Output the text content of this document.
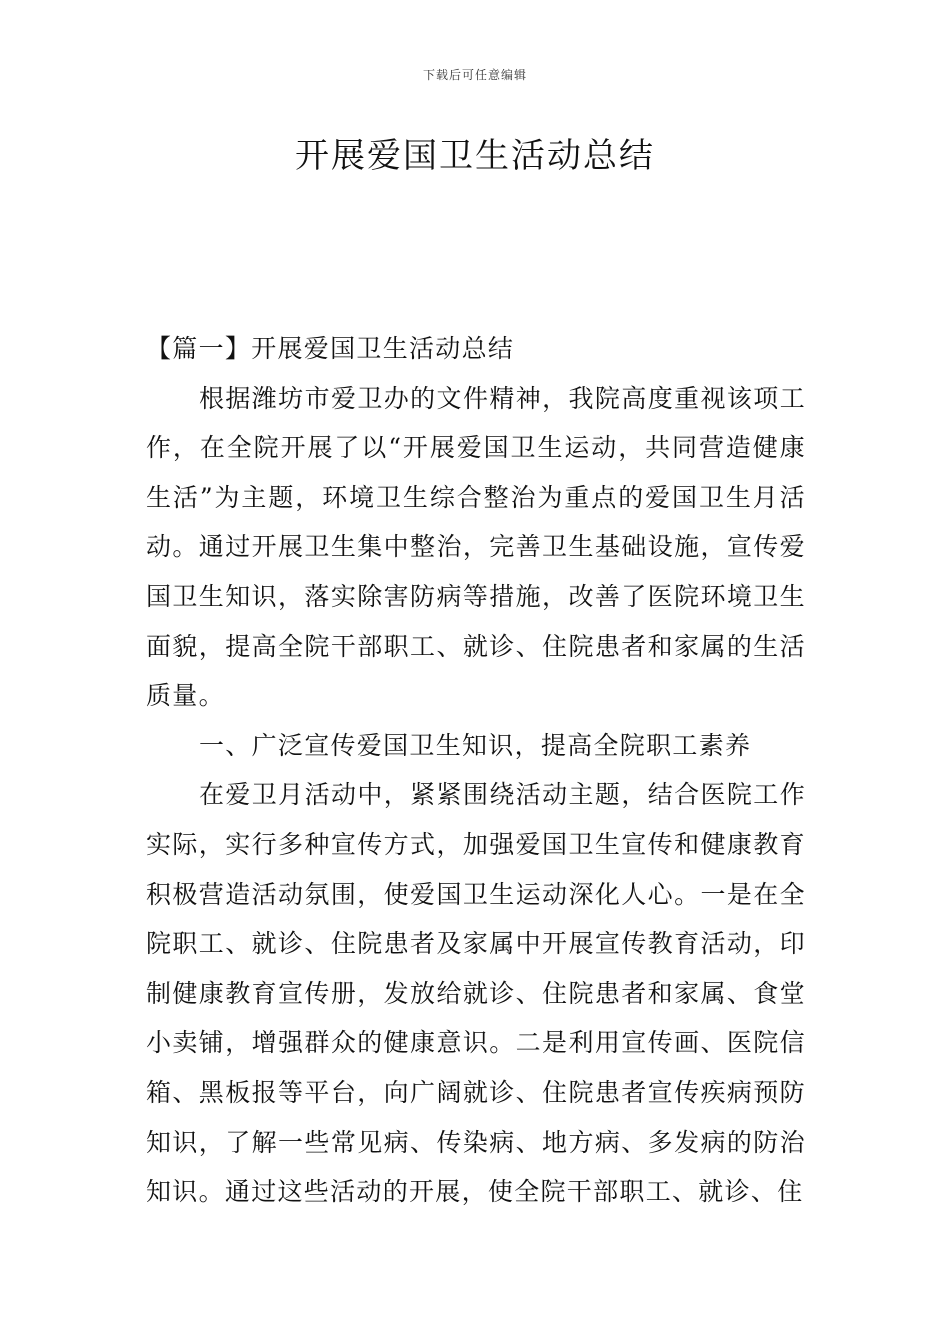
下载后可任意编辑
开展爱国卫生活动总结

【篇一】开展爱国卫生活动总结

根据潍坊市爱卫办的文件精神，我院高度重视该项工作，在全院开展了以“开展爱国卫生运动，共同营造健康生活”为主题，环境卫生综合整治为重点的爱国卫生月活动。通过开展卫生集中整治，完善卫生基础设施，宣传爱国卫生知识，落实除害防病等措施，改善了医院环境卫生面貌，提高全院干部职工、就诊、住院患者和家属的生活质量。

一、广泛宣传爱国卫生知识，提高全院职工素养

在爱卫月活动中，紧紧围绕活动主题，结合医院工作实际，实行多种宣传方式，加强爱国卫生宣传和健康教育积极营造活动氛围，使爱国卫生运动深化人心。一是在全院职工、就诊、住院患者及家属中开展宣传教育活动，印制健康教育宣传册，发放给就诊、住院患者和家属、食堂小卖铺，增强群众的健康意识。二是利用宣传画、医院信箱、黑板报等平台，向广阔就诊、住院患者宣传疾病预防知识，了解一些常见病、传染病、地方病、多发病的防治知识。通过这些活动的开展，使全院干部职工、就诊、住
